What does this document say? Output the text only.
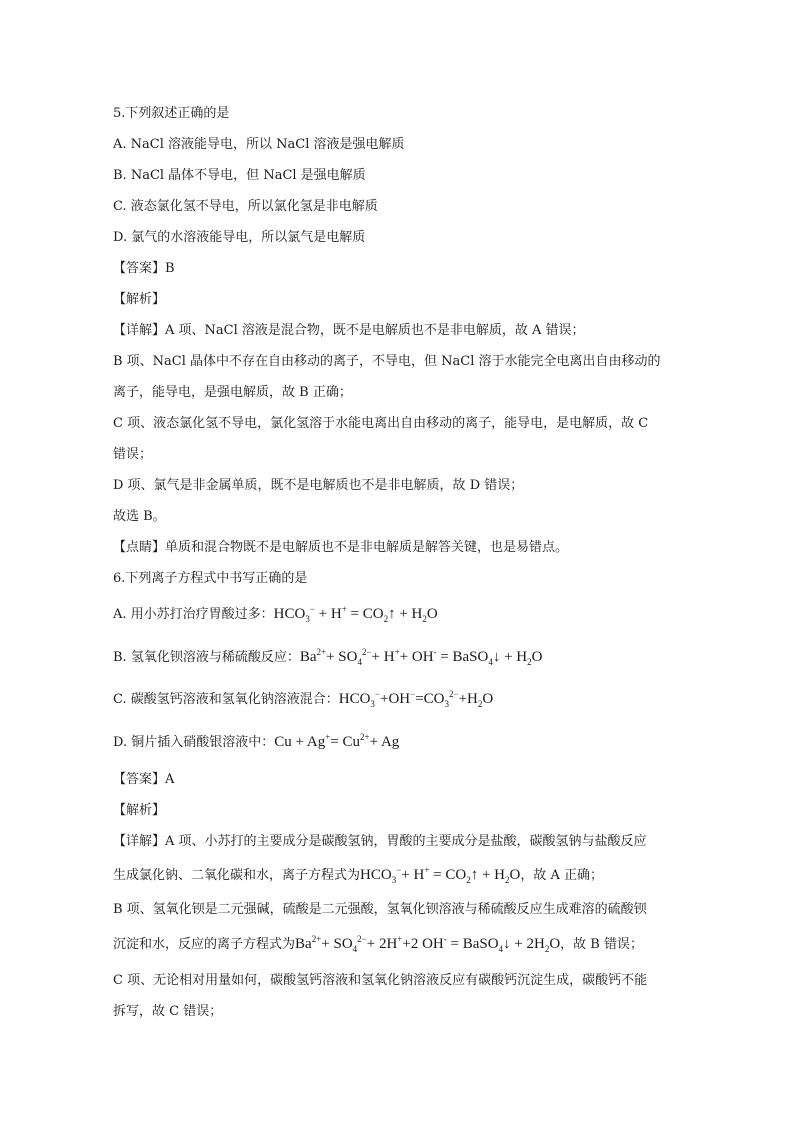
5.下列叙述正确的是
A. NaCl 溶液能导电，所以 NaCl 溶液是强电解质
B. NaCl 晶体不导电，但 NaCl 是强电解质
C. 液态氯化氢不导电，所以氯化氢是非电解质
D. 氯气的水溶液能导电，所以氯气是电解质
【答案】B
【解析】
【详解】A 项、NaCl 溶液是混合物，既不是电解质也不是非电解质，故 A 错误；
B 项、NaCl 晶体中不存在自由移动的离子，不导电，但 NaCl 溶于水能完全电离出自由移动的
离子，能导电，是强电解质，故 B 正确；
C 项、液态氯化氢不导电，氯化氢溶于水能电离出自由移动的离子，能导电，是电解质，故 C
错误；
D 项、氯气是非金属单质，既不是电解质也不是非电解质，故 D 错误；
故选 B。
【点睛】单质和混合物既不是电解质也不是非电解质是解答关键，也是易错点。
6.下列离子方程式中书写正确的是
A. 用小苏打治疗胃酸过多：$HCO_3^- + H^+$ = $CO_2↑ + H_2O$
B. 氢氧化钡溶液与稀硫酸反应：$Ba^{2+}+ SO_4^{2-}+ H^++ OH^-$ = BaSO$_4$↓ + $H_2O$
C. 碳酸氢钙溶液和氢氧化钠溶液混合：$HCO_3^-+OH^-=CO_3^{2-}+H_2O$
D. 铜片插入硝酸银溶液中：$Cu + Ag^+= Cu^{2+}+ Ag$
【答案】A
【解析】
【详解】A 项、小苏打的主要成分是碳酸氢钠，胃酸的主要成分是盐酸，碳酸氢钠与盐酸反应
生成氯化钠、二氧化碳和水，离子方程式为$HCO_3^-+ H^+$ = $CO_2↑ + H_2O$，故 A 正确；
B 项、氢氧化钡是二元强碱，硫酸是二元强酸，氢氧化钡溶液与稀硫酸反应生成难溶的硫酸钡
沉淀和水，反应的离子方程式为$Ba^{2+}+ SO_4^{2-}+ 2H^++2$ OH- = BaSO$_4$↓ + $2H_2O$，故 B 错误；
C 项、无论相对用量如何，碳酸氢钙溶液和氢氧化钠溶液反应有碳酸钙沉淀生成，碳酸钙不能
拆写，故 C 错误；
